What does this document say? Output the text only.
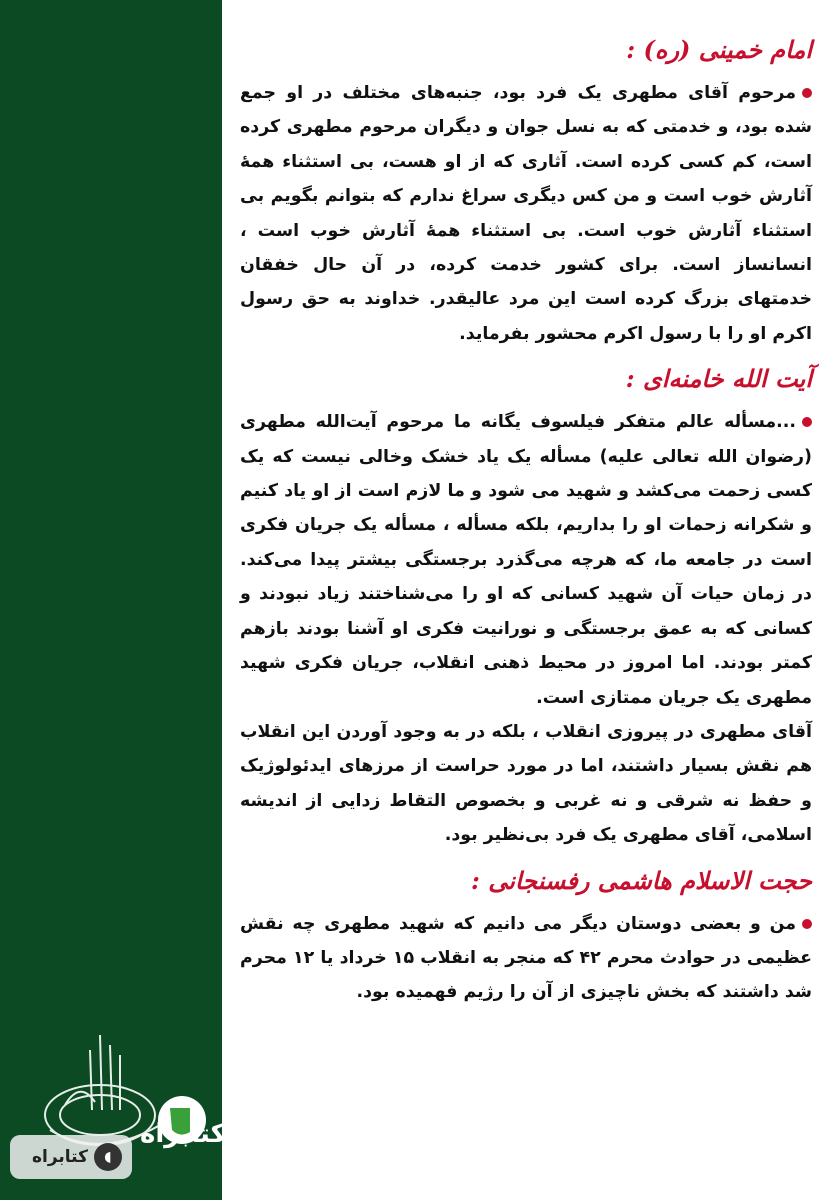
کتابراه
کتابراه	◖
امام خمینی (ره) :

مرحوم آقای مطهری یک فرد بود، جنبه‌های مختلف در او جمع شده بود، و خدمتی که به نسل جوان و دیگران مرحوم مطهری کرده است، کم کسی کرده است. آثاری که از او هست، بی استثناء همهٔ آثارش خوب است و من کس دیگری سراغ ندارم که بتوانم بگویم بی استثناء آثارش خوب است. بی استثناء همهٔ آثارش خوب است ، انسانساز است. برای کشور خدمت کرده، در آن حال خفقان خدمتهای بزرگ کرده است این مرد عالیقدر. خداوند به حق رسول اکرم او را با رسول اکرم محشور بفرماید.

آیت الله خامنه‌ای :

...مسأله عالم متفکر فیلسوف یگانه ما مرحوم آیت‌الله مطهری (رضوان الله تعالی علیه) مسأله یک یاد خشک وخالی نیست که یک کسی زحمت می‌کشد و شهید می شود و ما لازم است از او یاد کنیم و شکرانه زحمات او را بداریم، بلکه مسأله ، مسأله یک جریان فکری است در جامعه ما، که هرچه می‌گذرد برجستگی بیشتر پیدا می‌کند. در زمان حیات آن شهید کسانی که او را می‌شناختند زیاد نبودند و کسانی که به عمق برجستگی و نورانیت فکری او آشنا بودند بازهم کمتر بودند. اما امروز در محیط ذهنی انقلاب، جریان فکری شهید مطهری یک جریان ممتازی است.

آقای مطهری در پیروزی انقلاب ، بلکه در به وجود آوردن این انقلاب هم نقش بسیار داشتند، اما در مورد حراست از مرزهای ایدئولوژیک و حفظ نه شرقی و نه غربی و بخصوص التقاط زدایی از اندیشه اسلامی، آقای مطهری یک فرد بی‌نظیر بود.

حجت الاسلام هاشمی رفسنجانی :

من و بعضی دوستان دیگر می دانیم که شهید مطهری چه نقش عظیمی در حوادث محرم ۴۲ که منجر به انقلاب ۱۵ خرداد یا ۱۲ محرم شد داشتند که بخش ناچیزی از آن را رژیم فهمیده بود.
